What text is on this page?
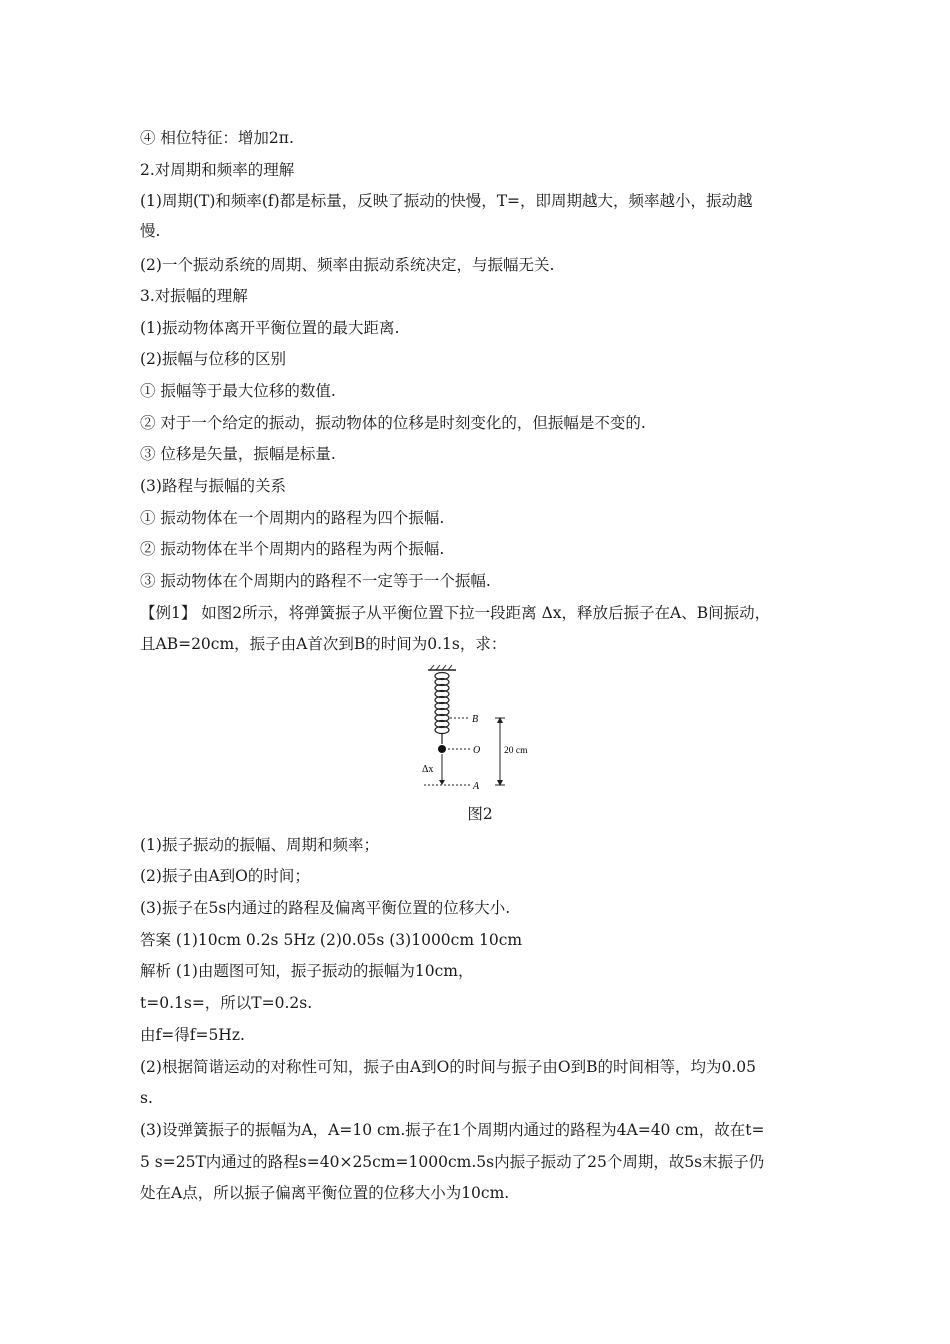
④ 相位特征：增加2π.
2.对周期和频率的理解
(1)周期(T)和频率(f)都是标量，反映了振动的快慢，T=，即周期越大，频率越小，振动越
慢.
(2)一个振动系统的周期、频率由振动系统决定，与振幅无关.
3.对振幅的理解
(1)振动物体离开平衡位置的最大距离.
(2)振幅与位移的区别
① 振幅等于最大位移的数值.
② 对于一个给定的振动，振动物体的位移是时刻变化的，但振幅是不变的.
③ 位移是矢量，振幅是标量.
(3)路程与振幅的关系
① 振动物体在一个周期内的路程为四个振幅.
② 振动物体在半个周期内的路程为两个振幅.
③ 振动物体在个周期内的路程不一定等于一个振幅.
【例1】 如图2所示，将弹簧振子从平衡位置下拉一段距离 Δx，释放后振子在A、B间振动，
且AB=20cm，振子由A首次到B的时间为0.1s，求：
B
O
Δx
A
20 cm
图2
(1)振子振动的振幅、周期和频率；
(2)振子由A到O的时间；
(3)振子在5s内通过的路程及偏离平衡位置的位移大小.
答案 (1)10cm 0.2s 5Hz (2)0.05s (3)1000cm 10cm
解析 (1)由题图可知，振子振动的振幅为10cm，
t=0.1s=，所以T=0.2s.
由f=得f=5Hz.
(2)根据简谐运动的对称性可知，振子由A到O的时间与振子由O到B的时间相等，均为0.05
s.
(3)设弹簧振子的振幅为A，A=10 cm.振子在1个周期内通过的路程为4A=40 cm，故在t=
5 s=25T内通过的路程s=40×25cm=1000cm.5s内振子振动了25个周期，故5s末振子仍
处在A点，所以振子偏离平衡位置的位移大小为10cm.
